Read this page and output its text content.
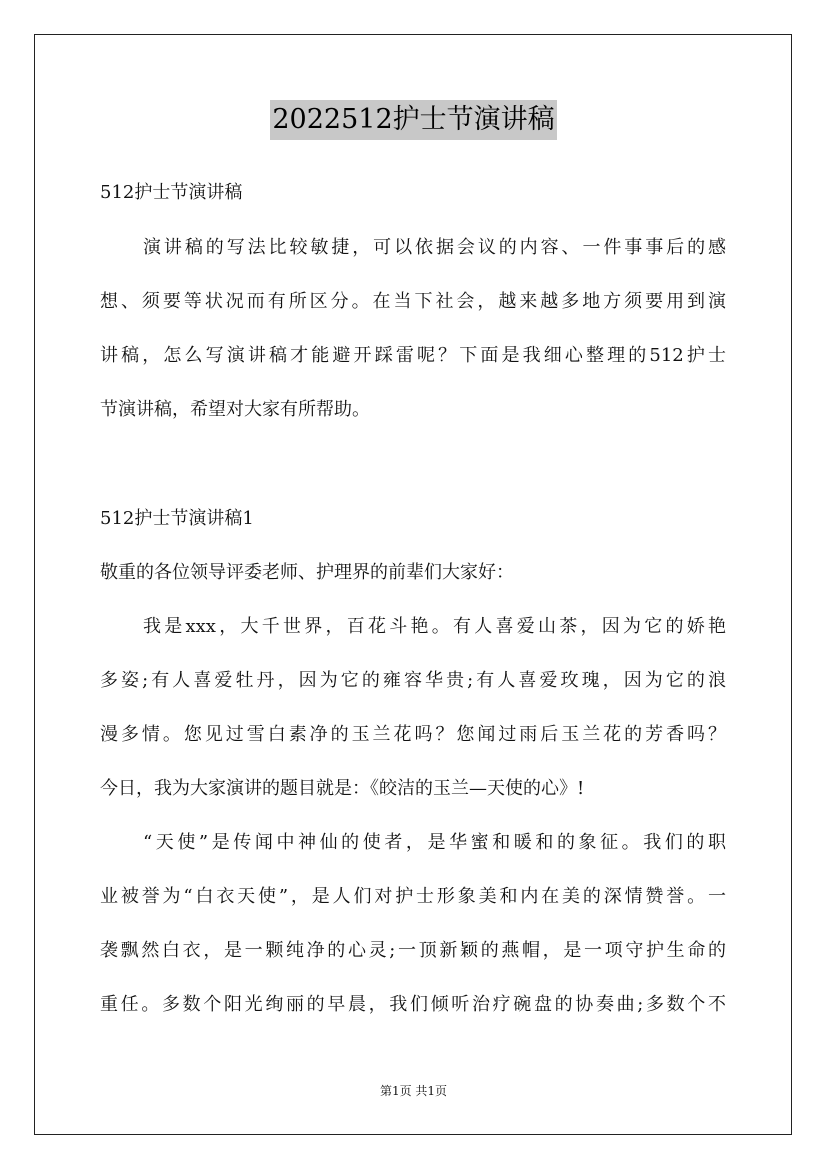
2022512护士节演讲稿
512护士节演讲稿
演讲稿的写法比较敏捷，可以依据会议的内容、一件事事后的感
想、须要等状况而有所区分。在当下社会，越来越多地方须要用到演
讲稿，怎么写演讲稿才能避开踩雷呢？下面是我细心整理的512护士
节演讲稿，希望对大家有所帮助。
512护士节演讲稿1
敬重的各位领导评委老师、护理界的前辈们大家好：
我是xxx，大千世界，百花斗艳。有人喜爱山茶，因为它的娇艳
多姿;有人喜爱牡丹，因为它的雍容华贵;有人喜爱玫瑰，因为它的浪
漫多情。您见过雪白素净的玉兰花吗？您闻过雨后玉兰花的芳香吗？
今日，我为大家演讲的题目就是：《皎洁的玉兰—天使的心》!
“天使”是传闻中神仙的使者，是华蜜和暖和的象征。我们的职
业被誉为“白衣天使”，是人们对护士形象美和内在美的深情赞誉。一
袭飘然白衣，是一颗纯净的心灵;一顶新颖的燕帽，是一项守护生命的
重任。多数个阳光绚丽的早晨，我们倾听治疗碗盘的协奏曲;多数个不
第1页 共1页
